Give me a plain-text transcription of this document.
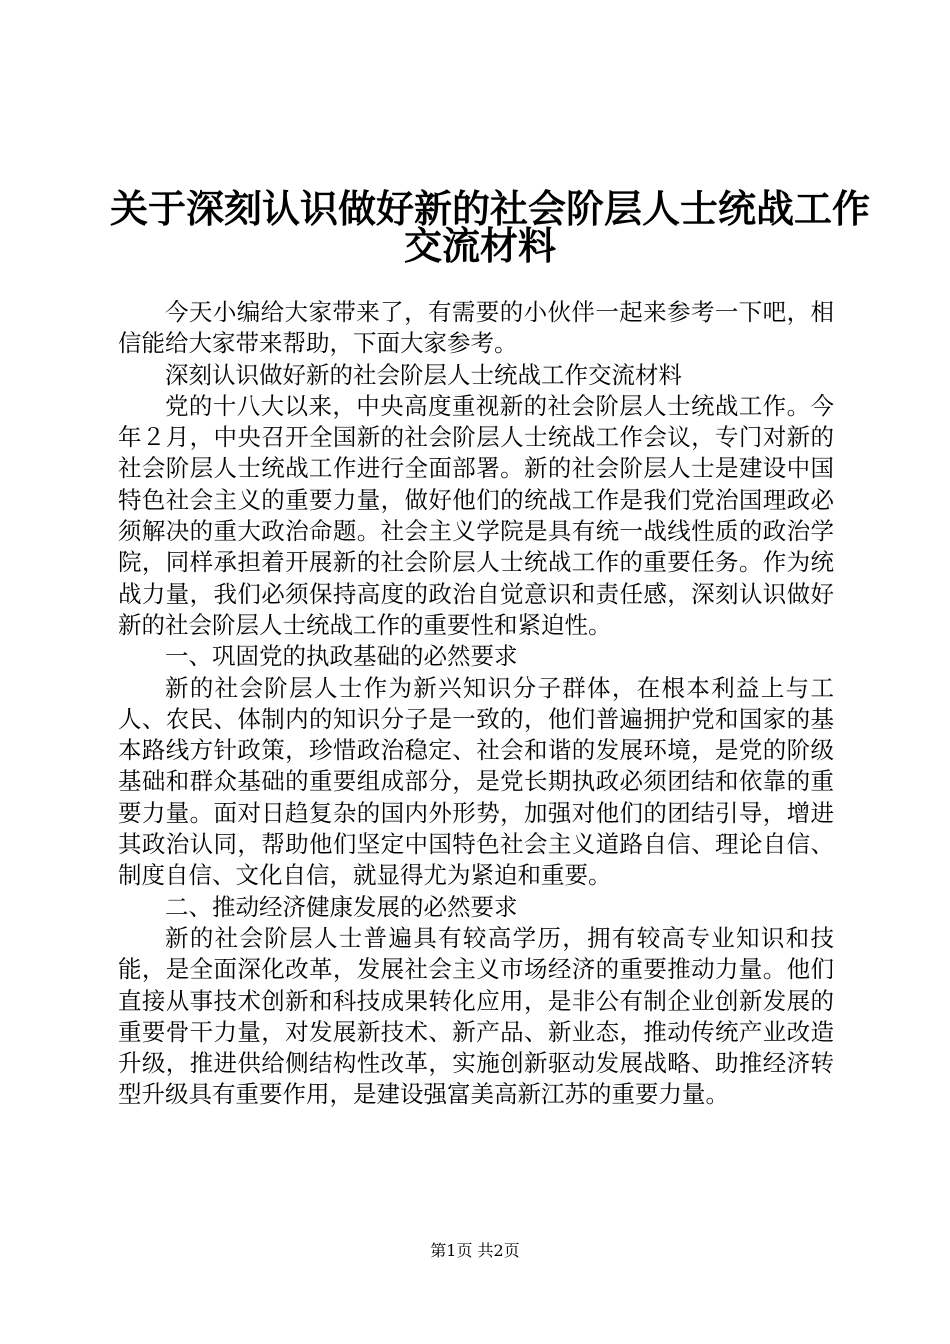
关于深刻认识做好新的社会阶层人士统战工作
交流材料

今天小编给大家带来了，有需要的小伙伴一起来参考一下吧，相信能给大家带来帮助，下面大家参考。

深刻认识做好新的社会阶层人士统战工作交流材料

党的十八大以来，中央高度重视新的社会阶层人士统战工作。今年２月，中央召开全国新的社会阶层人士统战工作会议，专门对新的社会阶层人士统战工作进行全面部署。新的社会阶层人士是建设中国特色社会主义的重要力量，做好他们的统战工作是我们党治国理政必须解决的重大政治命题。社会主义学院是具有统一战线性质的政治学院，同样承担着开展新的社会阶层人士统战工作的重要任务。作为统战力量，我们必须保持高度的政治自觉意识和责任感，深刻认识做好新的社会阶层人士统战工作的重要性和紧迫性。

一、巩固党的执政基础的必然要求

新的社会阶层人士作为新兴知识分子群体，在根本利益上与工人、农民、体制内的知识分子是一致的，他们普遍拥护党和国家的基本路线方针政策，珍惜政治稳定、社会和谐的发展环境，是党的阶级基础和群众基础的重要组成部分，是党长期执政必须团结和依靠的重要力量。面对日趋复杂的国内外形势，加强对他们的团结引导，增进其政治认同，帮助他们坚定中国特色社会主义道路自信、理论自信、制度自信、文化自信，就显得尤为紧迫和重要。

二、推动经济健康发展的必然要求

新的社会阶层人士普遍具有较高学历，拥有较高专业知识和技能，是全面深化改革，发展社会主义市场经济的重要推动力量。他们直接从事技术创新和科技成果转化应用，是非公有制企业创新发展的重要骨干力量，对发展新技术、新产品、新业态，推动传统产业改造升级，推进供给侧结构性改革，实施创新驱动发展战略、助推经济转型升级具有重要作用，是建设强富美高新江苏的重要力量。

第1页 共2页
